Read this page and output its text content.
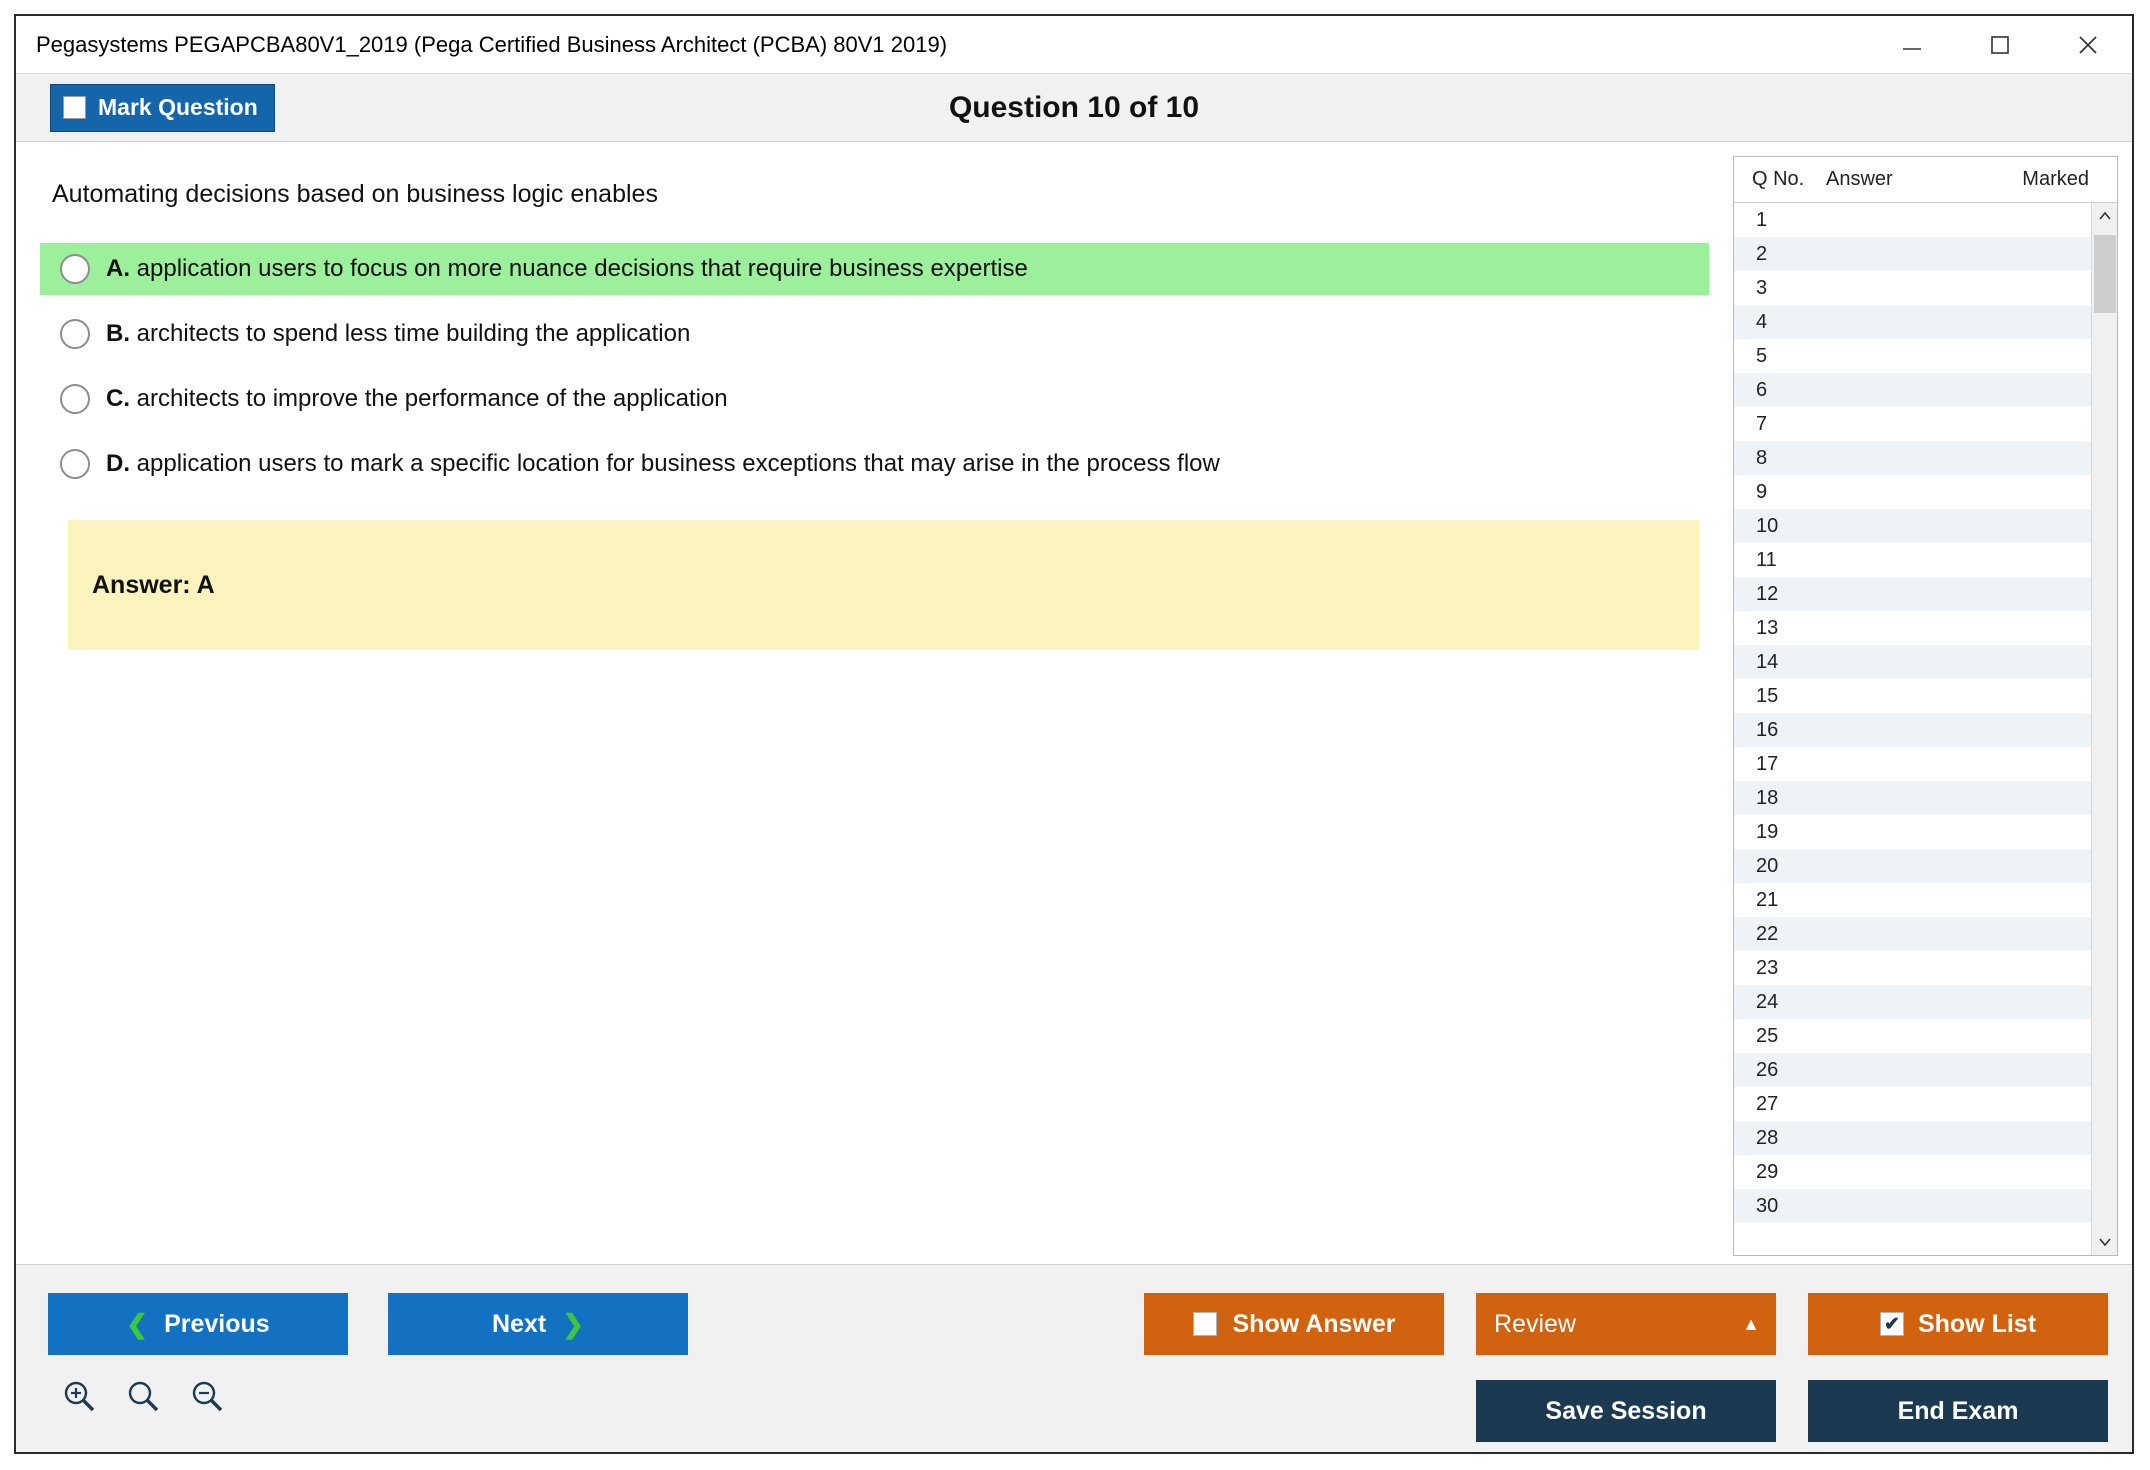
Pegasystems PEGAPCBA80V1_2019 (Pega Certified Business Architect (PCBA) 80V1 2019)
Mark Question	Question 10 of 10
Automating decisions based on business logic enables
A. application users to focus on more nuance decisions that require business expertise
B. architects to spend less time building the application
C. architects to improve the performance of the application
D. application users to mark a specific location for business exceptions that may arise in the process flow
Answer: A
Q No.	Answer	Marked
1
2
3
4
5
6
7
8
9
10
11
12
13
14
15
16
17
18
19
20
21
22
23
24
25
26
27
28
29
30
❮ Previous	Next ❯	Show Answer	Review	▲	✔ Show List
Save Session	End Exam
